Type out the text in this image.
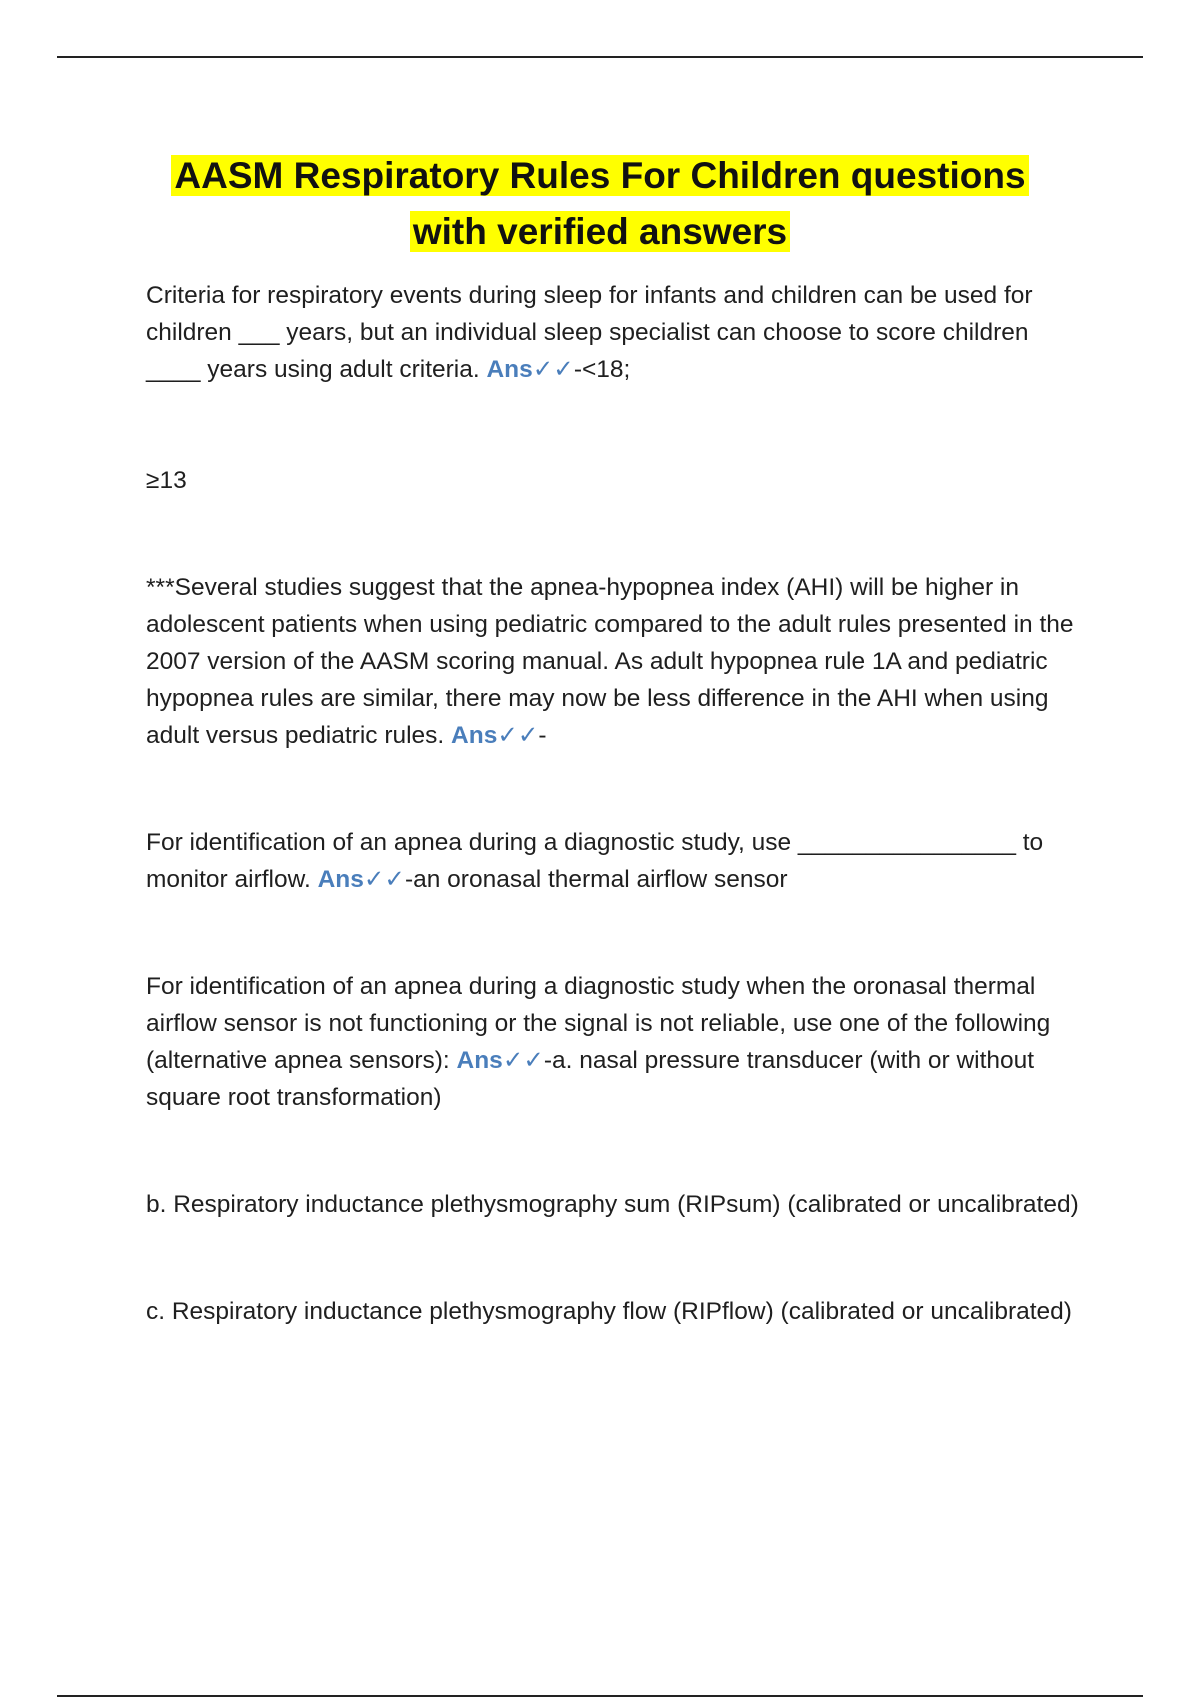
AASM Respiratory Rules For Children questions
with verified answers

Criteria for respiratory events during sleep for infants and children can be used for children ___ years, but an individual sleep specialist can choose to score children ____ years using adult criteria. Ans✓✓-<18;

≥13

***Several studies suggest that the apnea-hypopnea index (AHI) will be higher in adolescent patients when using pediatric compared to the adult rules presented in the 2007 version of the AASM scoring manual. As adult hypopnea rule 1A and pediatric hypopnea rules are similar, there may now be less difference in the AHI when using adult versus pediatric rules. Ans✓✓-

For identification of an apnea during a diagnostic study, use ________________ to monitor airflow. Ans✓✓-an oronasal thermal airflow sensor

For identification of an apnea during a diagnostic study when the oronasal thermal airflow sensor is not functioning or the signal is not reliable, use one of the following (alternative apnea sensors): Ans✓✓-a. nasal pressure transducer (with or without square root transformation)

b. Respiratory inductance plethysmography sum (RIPsum) (calibrated or uncalibrated)

c. Respiratory inductance plethysmography flow (RIPflow) (calibrated or uncalibrated)
